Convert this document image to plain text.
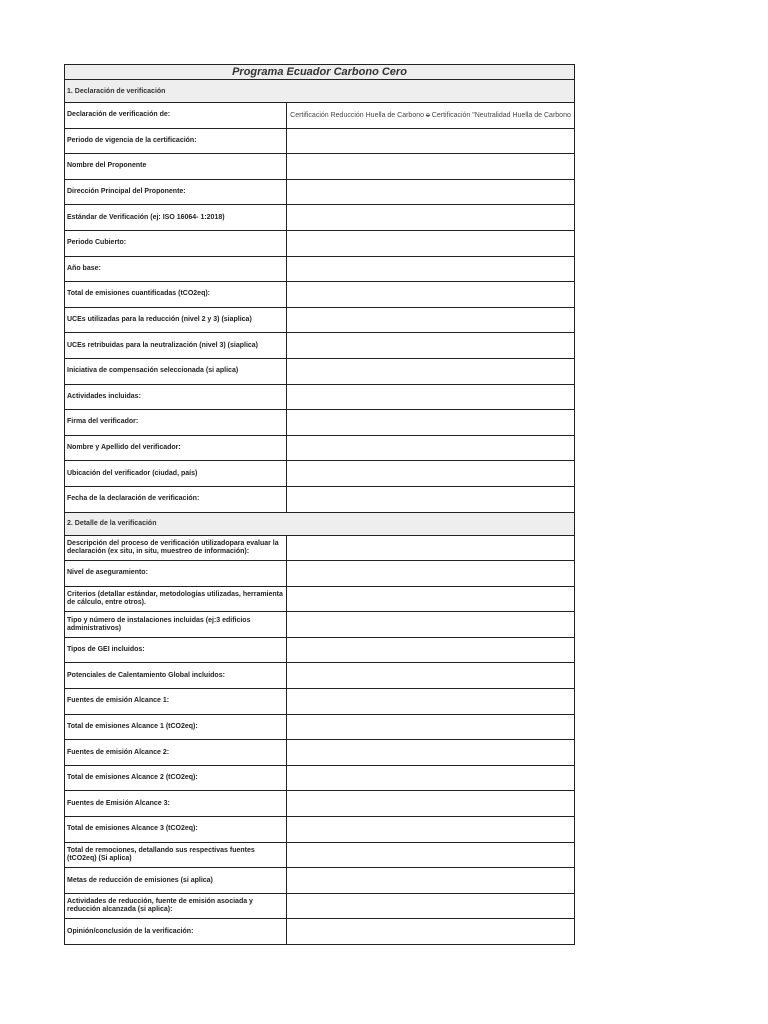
Programa Ecuador Carbono Cero	
1. Declaración de verificación	
Declaración de verificación de:	Certificación Reducción Huella de Carbono o Certificación "Neutralidad Huella de Carbono
Periodo de vigencia de la certificación:	
Nombre del Proponente	
Dirección Principal del Proponente:	
Estándar de Verificación (ej: ISO 16064- 1:2018)	
Periodo Cubierto:	
Año base:	
Total de emisiones cuantificadas (tCO2eq):	
UCEs utilizadas para la reducción (nivel 2 y 3) (siaplica)	
UCEs retribuidas para la neutralización (nivel 3) (siaplica)	
Iniciativa de compensación seleccionada (si aplica)	
Actividades incluidas:	
Firma del verificador:	
Nombre y Apellido del verificador:	
Ubicación del verificador (ciudad, país)	
Fecha de la declaración de verificación:	
2. Detalle de la verificación	
Descripción del proceso de verificación utilizadopara evaluar la declaración (ex situ, in situ, muestreo de información):	
Nivel de aseguramiento:	
Criterios (detallar estándar, metodologías utilizadas, herramienta de cálculo, entre otros).	
Tipo y número de instalaciones incluidas (ej:3 edificios administrativos)	
Tipos de GEI incluidos:	
Potenciales de Calentamiento Global incluidos:	
Fuentes de emisión Alcance 1:	
Total de emisiones Alcance 1 (tCO2eq):	
Fuentes de emisión Alcance 2:	
Total de emisiones Alcance 2 (tCO2eq):	
Fuentes de Emisión Alcance 3:	
Total de emisiones Alcance 3 (tCO2eq):	
Total de remociones, detallando sus respectivas fuentes (tCO2eq) (Si aplica)	
Metas de reducción de emisiones (si aplica)	
Actividades de reducción, fuente de emisión asociada y reducción alcanzada (si aplica):	
Opinión/conclusión de la verificación:	
